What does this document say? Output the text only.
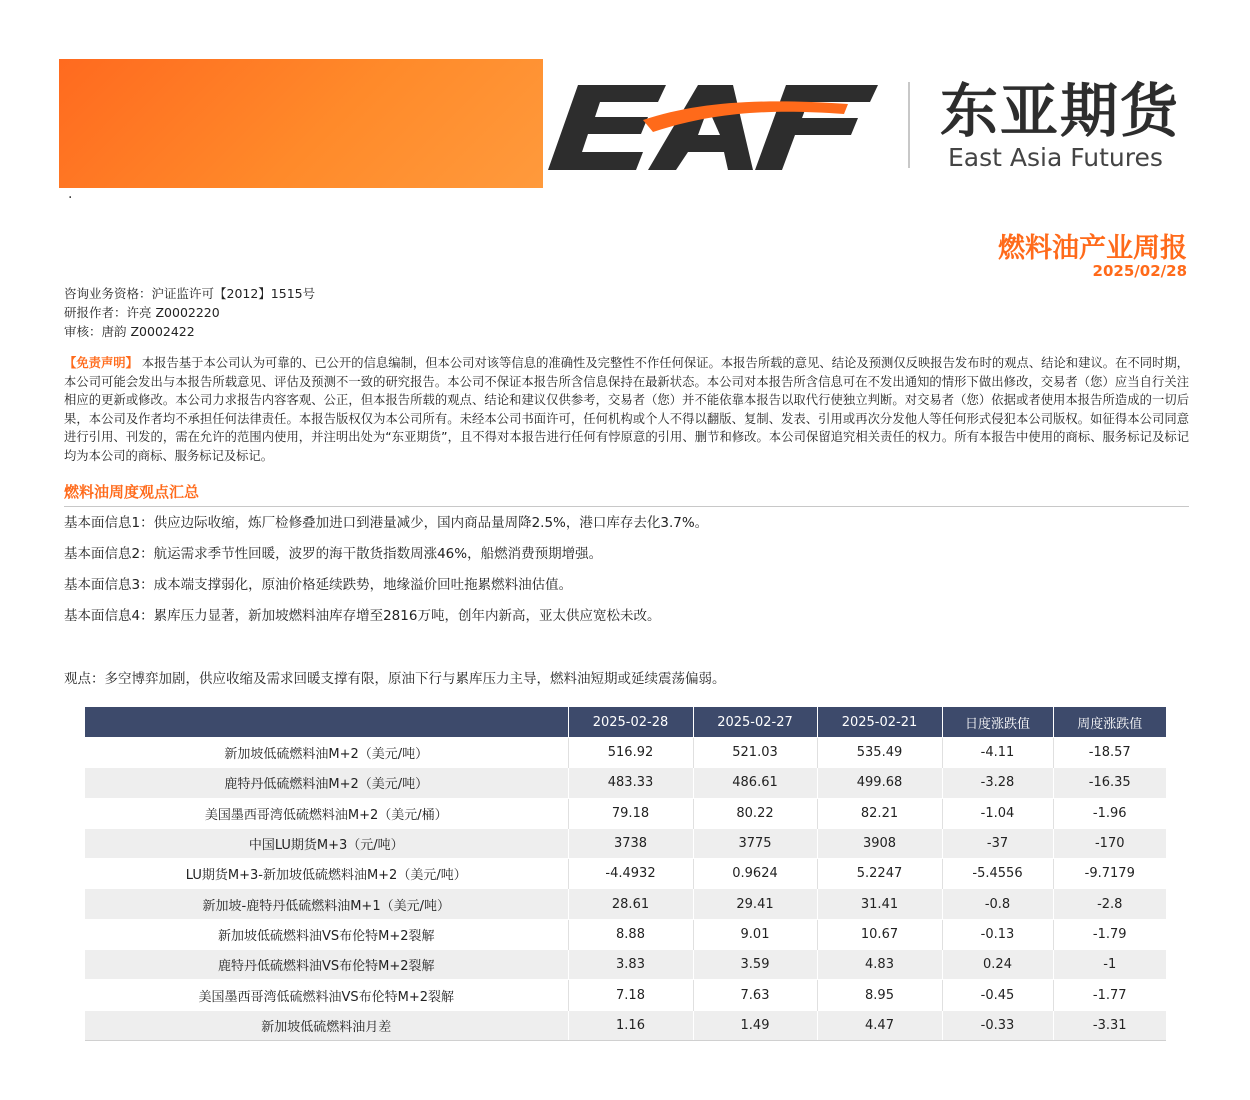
东亚期货
East Asia Futures
·
燃料油产业周报
2025/02/28
咨询业务资格：沪证监许可【2012】1515号
研报作者：许亮 Z0002220
审核：唐韵 Z0002422
【免责声明】 本报告基于本公司认为可靠的、已公开的信息编制，但本公司对该等信息的准确性及完整性不作任何保证。本报告所载的意见、结论及预测仅反映报告发布时的观点、结论和建议。在不同时期，本公司可能会发出与本报告所载意见、评估及预测不一致的研究报告。本公司不保证本报告所含信息保持在最新状态。本公司对本报告所含信息可在不发出通知的情形下做出修改，交易者（您）应当自行关注相应的更新或修改。本公司力求报告内容客观、公正，但本报告所载的观点、结论和建议仅供参考，交易者（您）并不能依靠本报告以取代行使独立判断。对交易者（您）依据或者使用本报告所造成的一切后果，本公司及作者均不承担任何法律责任。本报告版权仅为本公司所有。未经本公司书面许可，任何机构或个人不得以翻版、复制、发表、引用或再次分发他人等任何形式侵犯本公司版权。如征得本公司同意进行引用、刊发的，需在允许的范围内使用，并注明出处为“东亚期货”，且不得对本报告进行任何有悖原意的引用、删节和修改。本公司保留追究相关责任的权力。所有本报告中使用的商标、服务标记及标记均为本公司的商标、服务标记及标记。
燃料油周度观点汇总
基本面信息1：供应边际收缩，炼厂检修叠加进口到港量减少，国内商品量周降2.5%，港口库存去化3.7%。
基本面信息2：航运需求季节性回暖，波罗的海干散货指数周涨46%，船燃消费预期增强。
基本面信息3：成本端支撑弱化，原油价格延续跌势，地缘溢价回吐拖累燃料油估值。
基本面信息4：累库压力显著，新加坡燃料油库存增至2816万吨，创年内新高，亚太供应宽松未改。
观点：多空博弈加剧，供应收缩及需求回暖支撑有限，原油下行与累库压力主导，燃料油短期或延续震荡偏弱。
	2025-02-28	2025-02-27	2025-02-21	日度涨跌值	周度涨跌值
新加坡低硫燃料油M+2（美元/吨）	516.92	521.03	535.49	-4.11	-18.57
鹿特丹低硫燃料油M+2（美元/吨）	483.33	486.61	499.68	-3.28	-16.35
美国墨西哥湾低硫燃料油M+2（美元/桶）	79.18	80.22	82.21	-1.04	-1.96
中国LU期货M+3（元/吨）	3738	3775	3908	-37	-170
LU期货M+3-新加坡低硫燃料油M+2（美元/吨）	-4.4932	0.9624	5.2247	-5.4556	-9.7179
新加坡-鹿特丹低硫燃料油M+1（美元/吨）	28.61	29.41	31.41	-0.8	-2.8
新加坡低硫燃料油VS布伦特M+2裂解	8.88	9.01	10.67	-0.13	-1.79
鹿特丹低硫燃料油VS布伦特M+2裂解	3.83	3.59	4.83	0.24	-1
美国墨西哥湾低硫燃料油VS布伦特M+2裂解	7.18	7.63	8.95	-0.45	-1.77
新加坡低硫燃料油月差	1.16	1.49	4.47	-0.33	-3.31
